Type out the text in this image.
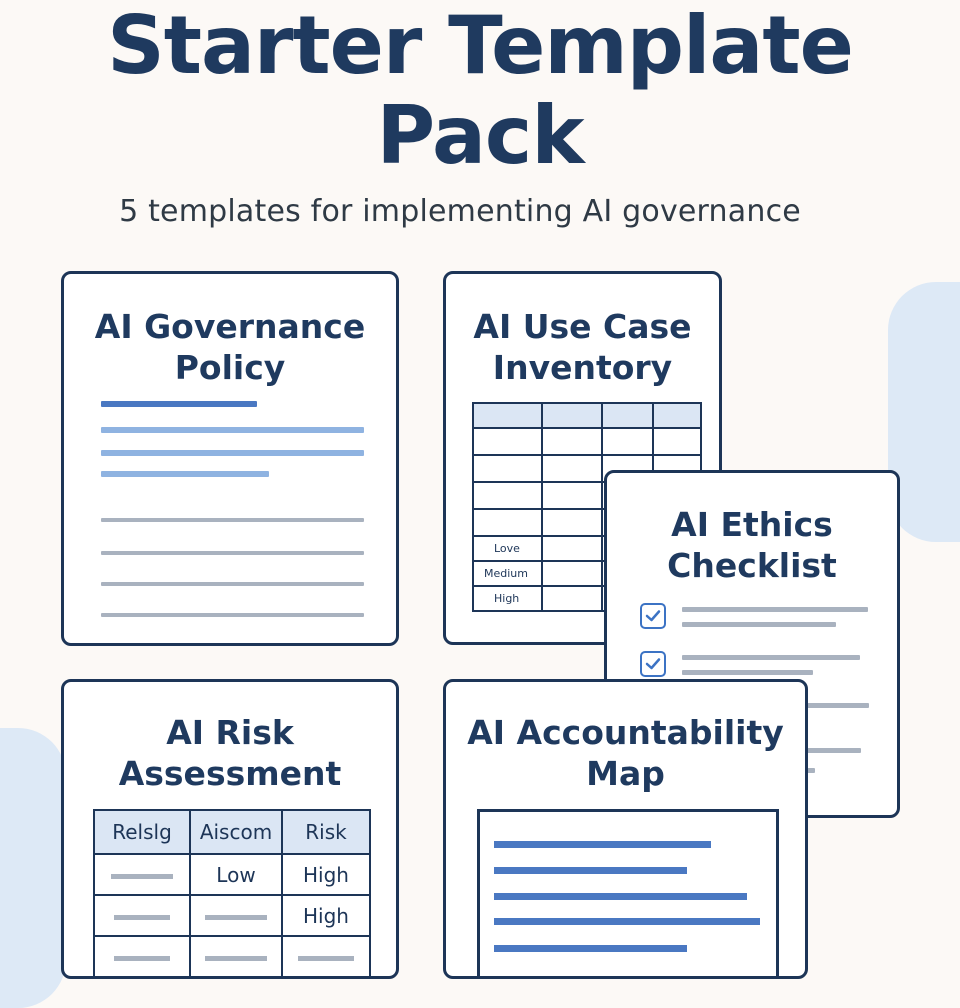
Starter Template
Pack

5 templates for implementing AI governance

AI Governance
Policy
AI Use Case
Inventory

Love			
Medium			
High			
AI Ethics
Checklist
AI Risk
Assessment
Relslg	Aiscom	Risk
	Low	High
		High

AI Accountability
Map
